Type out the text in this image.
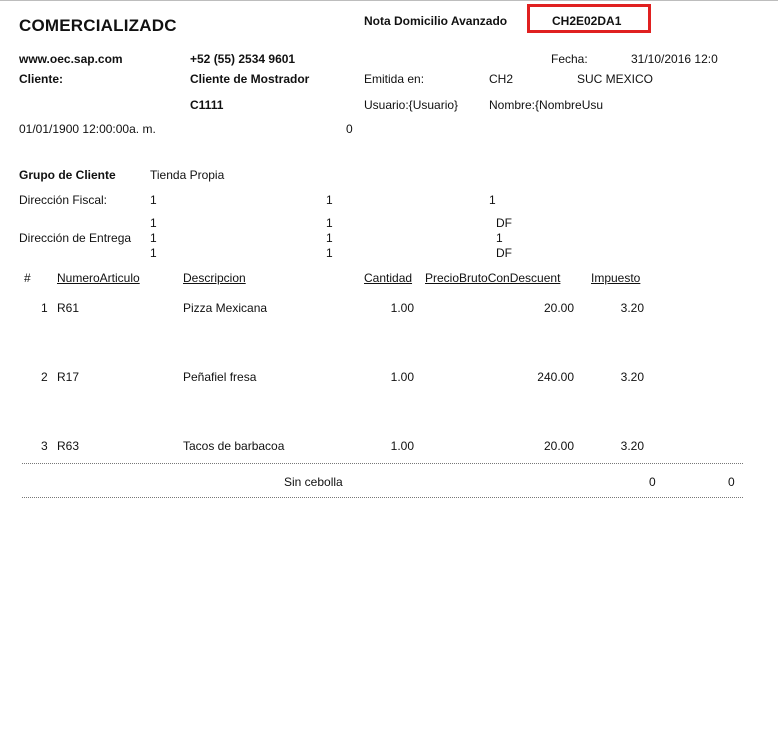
COMERCIALIZADC	Nota Domicilio Avanzado	CH2E02DA1
www.oec.sap.com	+52 (55) 2534 9601	Fecha:	31/10/2016 12:0
Cliente:	Cliente de Mostrador	Emitida en:	CH2	SUC MEXICO
C1111	Usuario:{Usuario}	Nombre:{NombreUsu
01/01/1900 12:00:00a. m.	0
Grupo de Cliente	Tienda Propia
Dirección Fiscal:	1	1	1
Dirección de Entrega
1	1	DF
1	1	1
1	1	DF
# NumeroArticulo	Descripcion	Cantidad PrecioBrutoConDescuent	Impuesto
1 R61	Pizza Mexicana	1.00	20.00	3.20
2 R17	Peñafiel fresa	1.00	240.00	3.20
3 R63	Tacos de barbacoa	1.00	20.00	3.20
Sin cebolla	0	0
